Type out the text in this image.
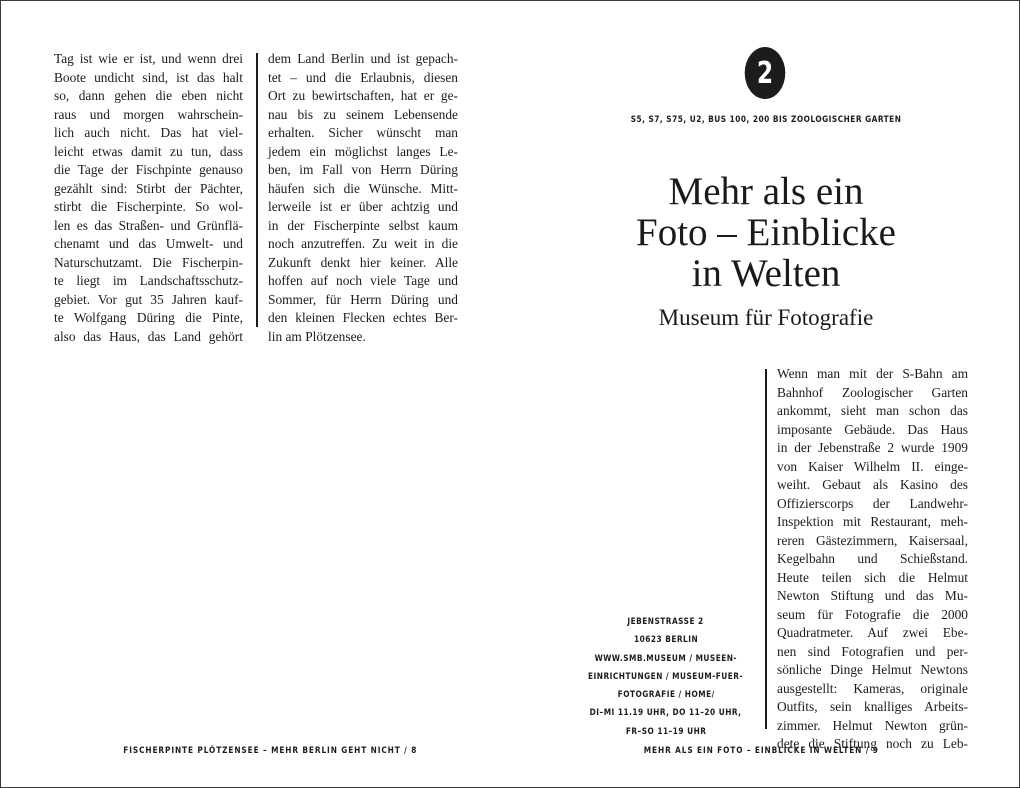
Tag ist wie er ist, und wenn drei
Boote undicht sind, ist das halt
so, dann gehen die eben nicht
raus und morgen wahrschein-
lich auch nicht. Das hat viel-
leicht etwas damit zu tun, dass
die Tage der Fischpinte genauso
gezählt sind: Stirbt der Pächter,
stirbt die Fischerpinte. So wol-
len es das Straßen- und Grünflä-
chenamt und das Umwelt- und
Naturschutzamt. Die Fischerpin-
te liegt im Landschaftsschutz-
gebiet. Vor gut 35 Jahren kauf-
te Wolfgang Düring die Pinte,
also das Haus, das Land gehört
dem Land Berlin und ist gepach-
tet – und die Erlaubnis, diesen
Ort zu bewirtschaften, hat er ge-
nau bis zu seinem Lebensende
erhalten. Sicher wünscht man
jedem ein möglichst langes Le-
ben, im Fall von Herrn Düring
häufen sich die Wünsche. Mitt-
lerweile ist er über achtzig und
in der Fischerpinte selbst kaum
noch anzutreffen. Zu weit in die
Zukunft denkt hier keiner. Alle
hoffen auf noch viele Tage und
Sommer, für Herrn Düring und
den kleinen Flecken echtes Ber-
lin am Plötzensee.
FISCHERPINTE PLÖTZENSEE – MEHR BERLIN GEHT NICHT / 8
2
S5, S7, S75, U2, BUS 100, 200 BIS ZOOLOGISCHER GARTEN
Mehr als ein
Foto – Einblicke
in Welten
Museum für Fotografie
JEBENSTRASSE 2
10623 BERLIN
WWW.SMB.MUSEUM / MUSEEN-
EINRICHTUNGEN / MUSEUM-FUER-
FOTOGRAFIE / HOME/
DI–MI 11.19 UHR, DO 11–20 UHR,
FR–SO 11–19 UHR
Wenn man mit der S-Bahn am
Bahnhof Zoologischer Garten
ankommt, sieht man schon das
imposante Gebäude. Das Haus
in der Jebenstraße 2 wurde 1909
von Kaiser Wilhelm II. einge-
weiht. Gebaut als Kasino des
Offizierscorps der Landwehr-
Inspektion mit Restaurant, meh-
reren Gästezimmern, Kaisersaal,
Kegelbahn und Schießstand.
Heute teilen sich die Helmut
Newton Stiftung und das Mu-
seum für Fotografie die 2000
Quadratmeter. Auf zwei Ebe-
nen sind Fotografien und per-
sönliche Dinge Helmut Newtons
ausgestellt: Kameras, originale
Outfits, sein knalliges Arbeits-
zimmer. Helmut Newton grün-
dete die Stiftung noch zu Leb-
MEHR ALS EIN FOTO – EINBLICKE IN WELTEN / 9
